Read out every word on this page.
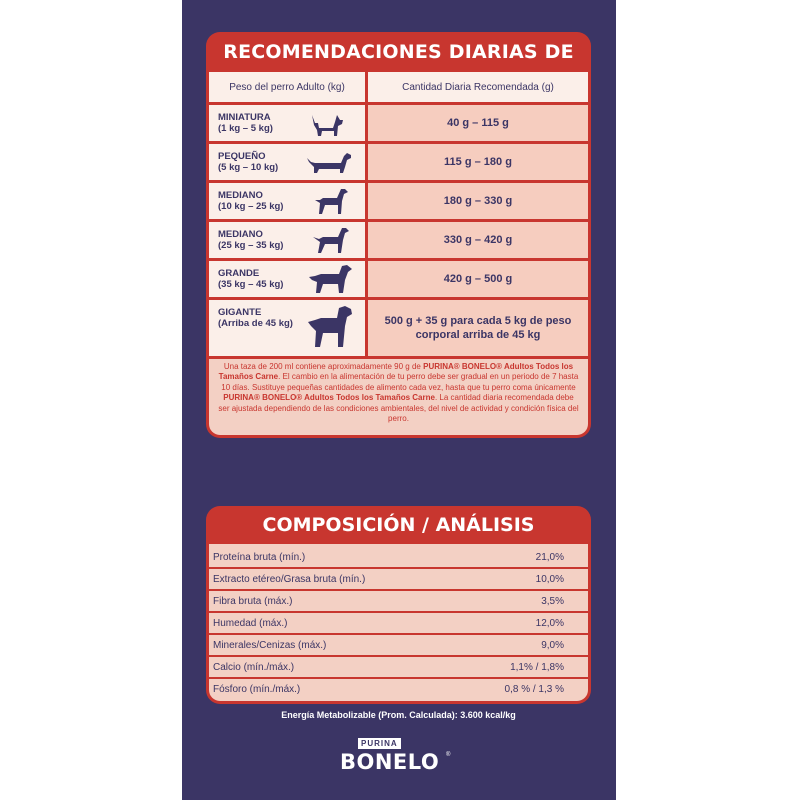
RECOMENDACIONES DIARIAS DE
Peso del perro Adulto (kg)	Cantidad Diaria Recomendada (g)
MINIATURA
(1 kg – 5 kg)	40 g – 115 g
PEQUEÑO
(5 kg – 10 kg)	115 g – 180 g
MEDIANO
(10 kg – 25 kg)	180 g – 330 g
MEDIANO
(25 kg – 35 kg)	330 g – 420 g
GRANDE
(35 kg – 45 kg)	420 g – 500 g
GIGANTE
(Arriba de 45 kg)	500 g + 35 g para cada 5 kg de peso corporal arriba de 45 kg
Una taza de 200 ml contiene aproximadamente 90 g de PURINA® BONELO® Adultos Todos los Tamaños Carne. El cambio en la alimentación de tu perro debe ser gradual en un periodo de 7 hasta 10 días. Sustituye pequeñas cantidades de alimento cada vez, hasta que tu perro coma únicamente PURINA® BONELO® Adultos Todos los Tamaños Carne. La cantidad diaria recomendada debe ser ajustada dependiendo de las condiciones ambientales, del nivel de actividad y condición física del perro.
COMPOSICIÓN / ANÁLISIS
Proteína bruta (mín.)	21,0%
Extracto etéreo/Grasa bruta (mín.)	10,0%
Fibra bruta (máx.)	3,5%
Humedad (máx.)	12,0%
Minerales/Cenizas (máx.)	9,0%
Calcio (mín./máx.)	1,1% / 1,8%
Fósforo (mín./máx.)	0,8 % / 1,3 %
Energía Metabolizable (Prom. Calculada): 3.600 kcal/kg
PURINA
BONELO ®
